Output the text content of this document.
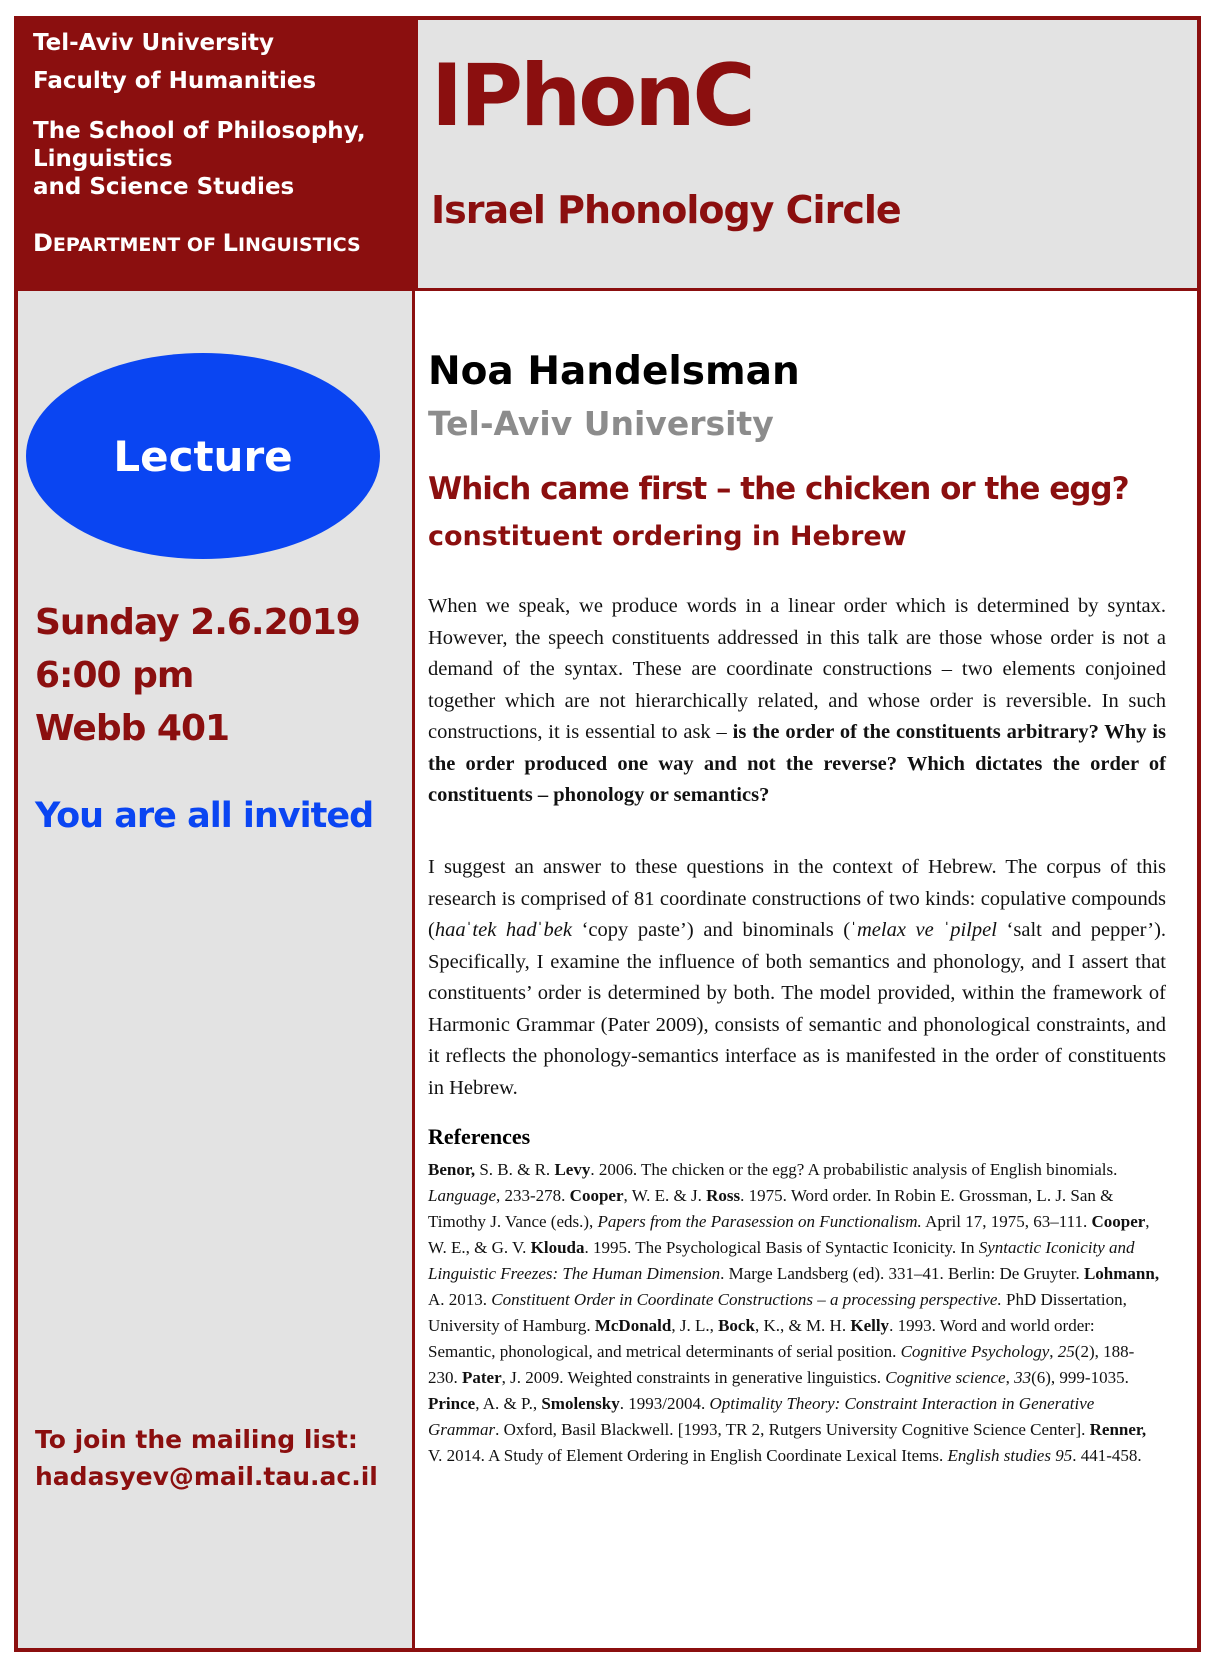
Tel-Aviv University
Faculty of Humanities
The School of Philosophy,
Linguistics
and Science Studies
DEPARTMENT OF LINGUISTICS
IPhonC
Israel Phonology Circle
Lecture
Sunday 2.6.2019
6:00 pm
Webb 401
You are all invited
To join the mailing list:
hadasyev@mail.tau.ac.il
Noa Handelsman
Tel-Aviv University
Which came first – the chicken or the egg?
constituent ordering in Hebrew

When we speak, we produce words in a linear order which is determined by syntax. However, the speech constituents addressed in this talk are those whose order is not a demand of the syntax. These are coordinate constructions – two elements conjoined together which are not hierarchically related, and whose order is reversible. In such constructions, it is essential to ask – is the order of the constituents arbitrary? Why is the order produced one way and not the reverse? Which dictates the order of constituents – phonology or semantics?

I suggest an answer to these questions in the context of Hebrew. The corpus of this research is comprised of 81 coordinate constructions of two kinds: copulative compounds (haaˈtek hadˈbek ‘copy paste’) and binominals (ˈmelax ve ˈpilpel ‘salt and pepper’). Specifically, I examine the influence of both semantics and phonology, and I assert that constituents’ order is determined by both. The model provided, within the framework of Harmonic Grammar (Pater 2009), consists of semantic and phonological constraints, and it reflects the phonology-semantics interface as is manifested in the order of constituents in Hebrew.

References

Benor, S. B. & R. Levy. 2006. The chicken or the egg? A probabilistic analysis of English binomials. Language, 233-278. Cooper, W. E. & J. Ross. 1975. Word order. In Robin E. Grossman, L. J. San & Timothy J. Vance (eds.), Papers from the Parasession on Functionalism. April 17, 1975, 63–111. Cooper, W. E., & G. V. Klouda. 1995. The Psychological Basis of Syntactic Iconicity. In Syntactic Iconicity and Linguistic Freezes: The Human Dimension. Marge Landsberg (ed). 331–41. Berlin: De Gruyter. Lohmann, A. 2013. Constituent Order in Coordinate Constructions – a processing perspective. PhD Dissertation, University of Hamburg. McDonald, J. L., Bock, K., & M. H. Kelly. 1993. Word and world order: Semantic, phonological, and metrical determinants of serial position. Cognitive Psychology, 25(2), 188-230. Pater, J. 2009. Weighted constraints in generative linguistics. Cognitive science, 33(6), 999-1035. Prince, A. & P., Smolensky. 1993/2004. Optimality Theory: Constraint Interaction in Generative Grammar. Oxford, Basil Blackwell. [1993, TR 2, Rutgers University Cognitive Science Center]. Renner, V. 2014. A Study of Element Ordering in English Coordinate Lexical Items. English studies 95. 441-458.
